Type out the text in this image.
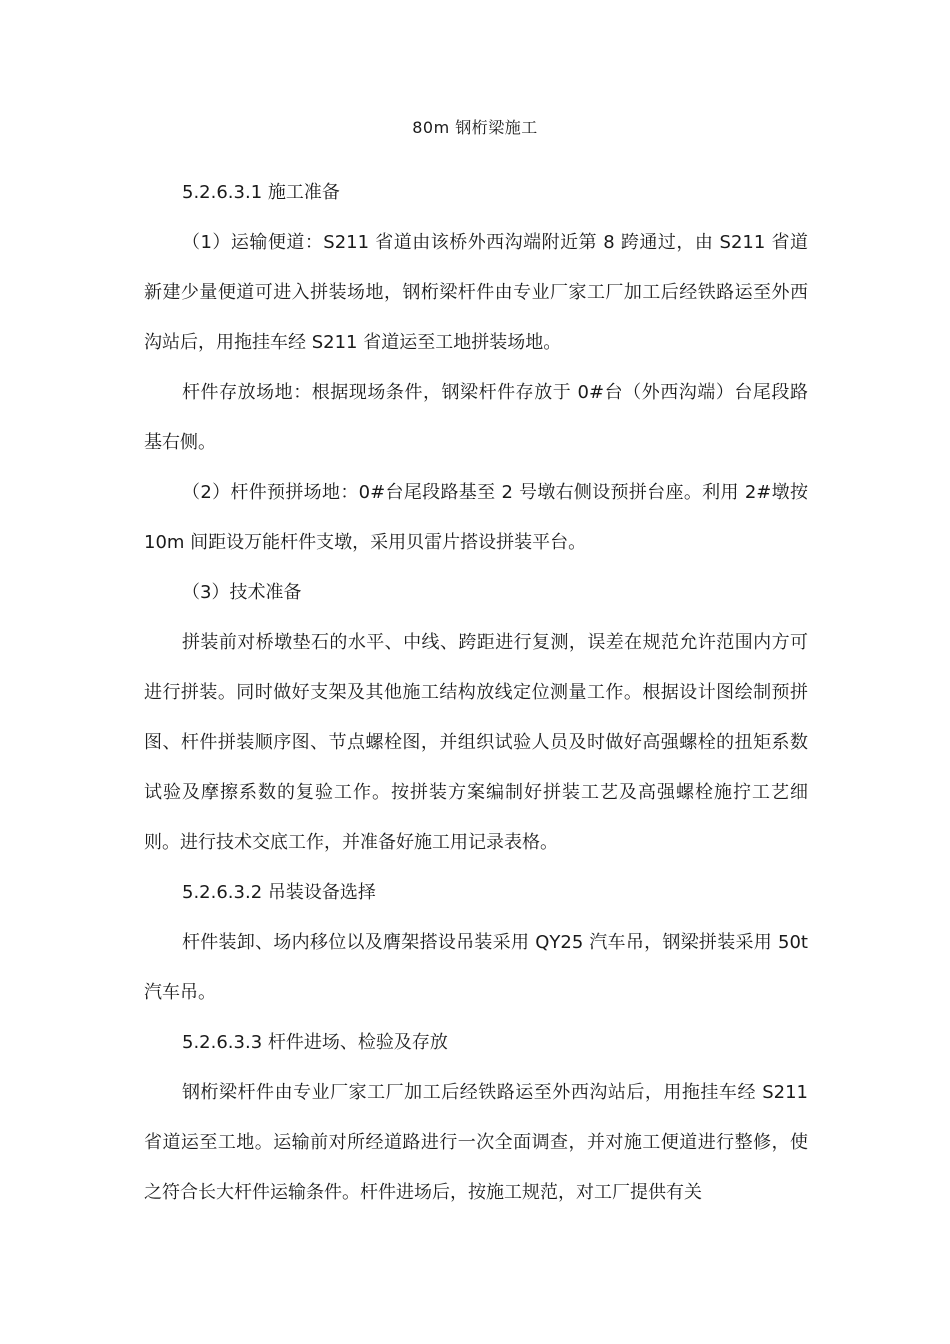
80m 钢桁梁施工

5.2.6.3.1 施工准备

（1）运输便道：S211 省道由该桥外西沟端附近第 8 跨通过，由 S211 省道新建少量便道可进入拼装场地，钢桁梁杆件由专业厂家工厂加工后经铁路运至外西沟站后，用拖挂车经 S211 省道运至工地拼装场地。

杆件存放场地：根据现场条件，钢梁杆件存放于 0#台（外西沟端）台尾段路基右侧。

（2）杆件预拼场地：0#台尾段路基至 2 号墩右侧设预拼台座。利用 2#墩按 10m 间距设万能杆件支墩，采用贝雷片搭设拼装平台。

（3）技术准备

拼装前对桥墩垫石的水平、中线、跨距进行复测，误差在规范允许范围内方可进行拼装。同时做好支架及其他施工结构放线定位测量工作。根据设计图绘制预拼图、杆件拼装顺序图、节点螺栓图，并组织试验人员及时做好高强螺栓的扭矩系数试验及摩擦系数的复验工作。按拼装方案编制好拼装工艺及高强螺栓施拧工艺细则。进行技术交底工作，并准备好施工用记录表格。

5.2.6.3.2 吊装设备选择

杆件装卸、场内移位以及膺架搭设吊装采用 QY25 汽车吊，钢梁拼装采用 50t 汽车吊。

5.2.6.3.3 杆件进场、检验及存放

钢桁梁杆件由专业厂家工厂加工后经铁路运至外西沟站后，用拖挂车经 S211 省道运至工地。运输前对所经道路进行一次全面调查，并对施工便道进行整修，使之符合长大杆件运输条件。杆件进场后，按施工规范，对工厂提供有关
